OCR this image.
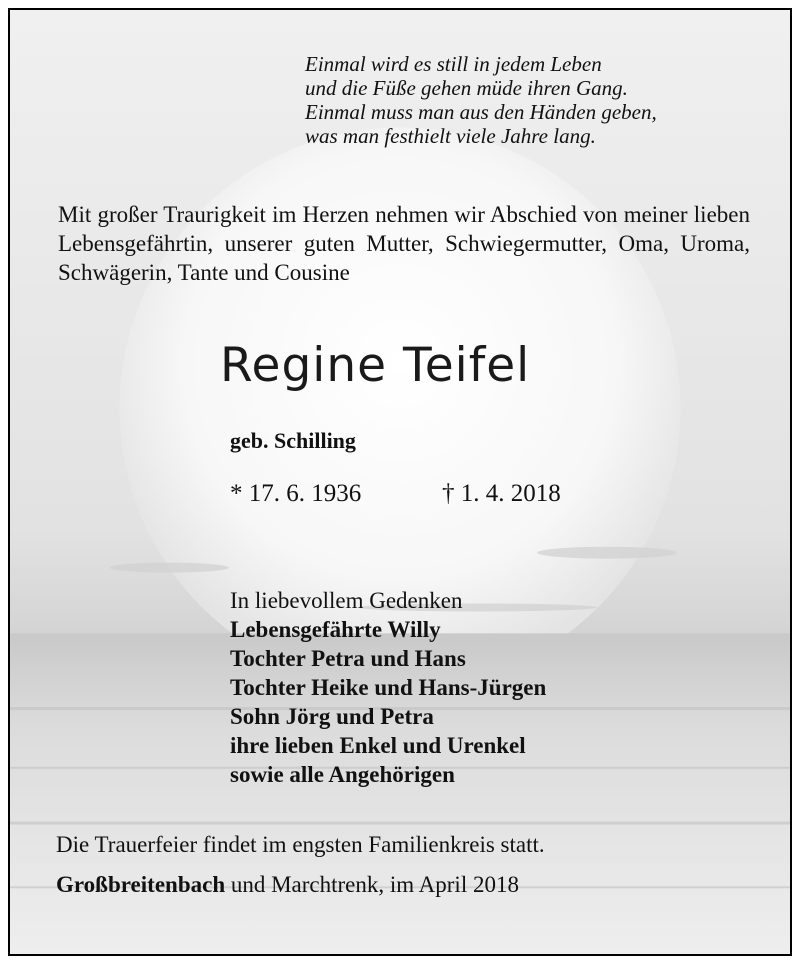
Einmal wird es still in jedem Leben
und die Füße gehen müde ihren Gang.
Einmal muss man aus den Händen geben,
was man festhielt viele Jahre lang.
Mit großer Traurigkeit im Herzen nehmen wir Abschied von meiner lieben Lebensgefährtin, unserer guten Mutter, Schwiegermutter, Oma, Uroma, Schwägerin, Tante und Cousine
Regine Teifel
geb. Schilling
* 17. 6. 1936	† 1. 4. 2018
In liebevollem Gedenken
Lebensgefährte Willy
Tochter Petra und Hans
Tochter Heike und Hans-Jürgen
Sohn Jörg und Petra
ihre lieben Enkel und Urenkel
sowie alle Angehörigen
Die Trauerfeier findet im engsten Familienkreis statt.
Großbreitenbach und Marchtrenk, im April 2018
